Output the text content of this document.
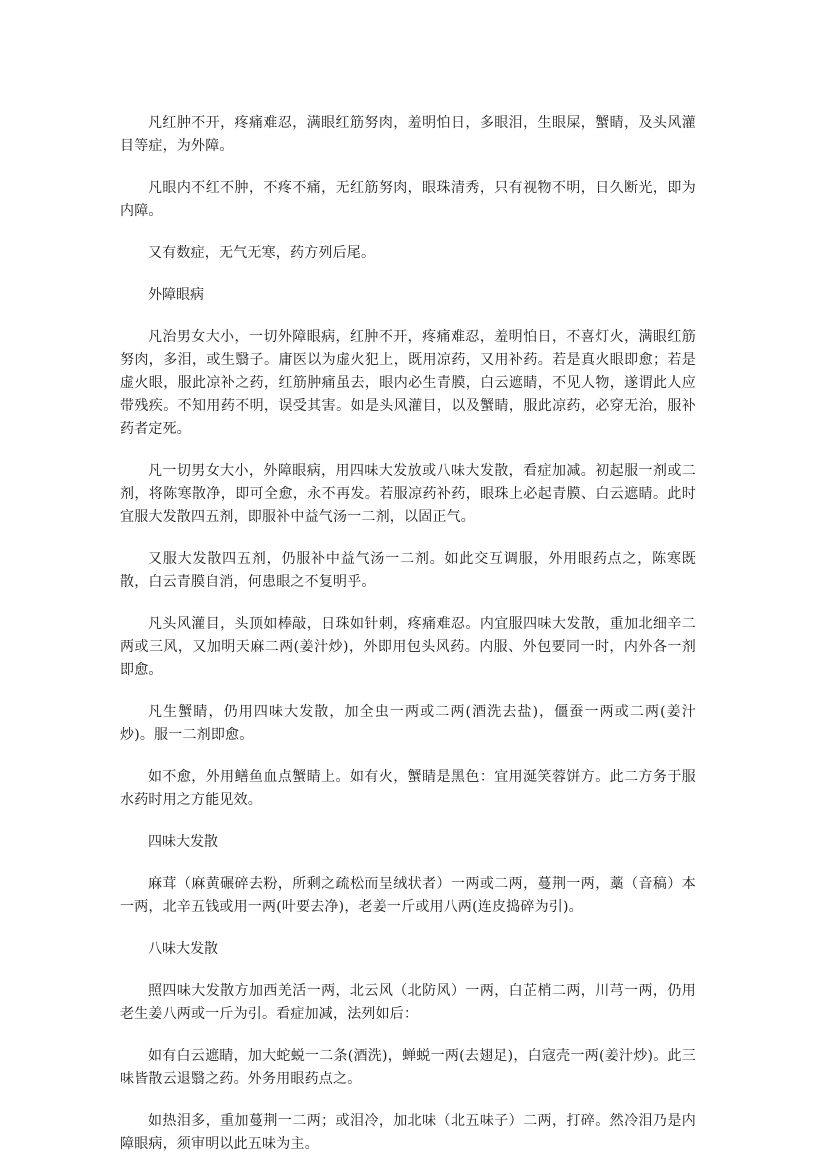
凡红肿不开，疼痛难忍，满眼红筋努肉，羞明怕日，多眼泪，生眼屎，蟹睛，及头风灌目等症，为外障。

凡眼内不红不肿，不疼不痛，无红筋努肉，眼珠清秀，只有视物不明，日久断光，即为内障。

又有数症，无气无寒，药方列后尾。

外障眼病

凡治男女大小，一切外障眼病，红肿不开，疼痛难忍，羞明怕日，不喜灯火，满眼红筋努肉，多泪，或生翳子。庸医以为虚火犯上，既用凉药，又用补药。若是真火眼即愈；若是虚火眼，服此凉补之药，红筋肿痛虽去，眼内必生青膜，白云遮睛，不见人物，遂谓此人应带残疾。不知用药不明，误受其害。如是头风灌目，以及蟹睛，服此凉药，必穿无治，服补药者定死。

凡一切男女大小，外障眼病，用四味大发放或八味大发散，看症加减。初起服一剂或二剂，将陈寒散净，即可全愈，永不再发。若服凉药补药，眼珠上必起青膜、白云遮睛。此时宜服大发散四五剂，即服补中益气汤一二剂，以固正气。

又服大发散四五剂，仍服补中益气汤一二剂。如此交互调服，外用眼药点之，陈寒既散，白云青膜自消，何患眼之不复明乎。

凡头风灌目，头顶如棒敲，日珠如针刺，疼痛难忍。内宜服四味大发散，重加北细辛二两或三风，又加明天麻二两(姜汁炒)，外即用包头风药。内服、外包要同一时，内外各一剂即愈。

凡生蟹睛，仍用四味大发散，加全虫一两或二两(酒洗去盐)，僵蚕一两或二两(姜汁炒)。服一二剂即愈。

如不愈，外用鳝鱼血点蟹睛上。如有火，蟹睛是黑色：宜用涎笑蓉饼方。此二方务于服水药时用之方能见效。

四味大发散

麻茸（麻黄碾碎去粉，所剩之疏松而呈绒状者）一两或二两，蔓荆一两，藁（音稿）本一两，北辛五钱或用一两(叶要去净)，老姜一斤或用八两(连皮捣碎为引)。

八味大发散

照四味大发散方加西羌活一两，北云风（北防风）一两，白芷梢二两，川芎一两，仍用老生姜八两或一斤为引。看症加减，法列如后：

如有白云遮睛，加大蛇蜕一二条(酒洗)，蝉蜕一两(去翅足)，白寇壳一两(姜汁炒)。此三味皆散云退翳之药。外务用眼药点之。

如热泪多，重加蔓荆一二两；或泪冷，加北味（北五味子）二两，打碎。然冷泪乃是内障眼病，须审明以此五味为主。
